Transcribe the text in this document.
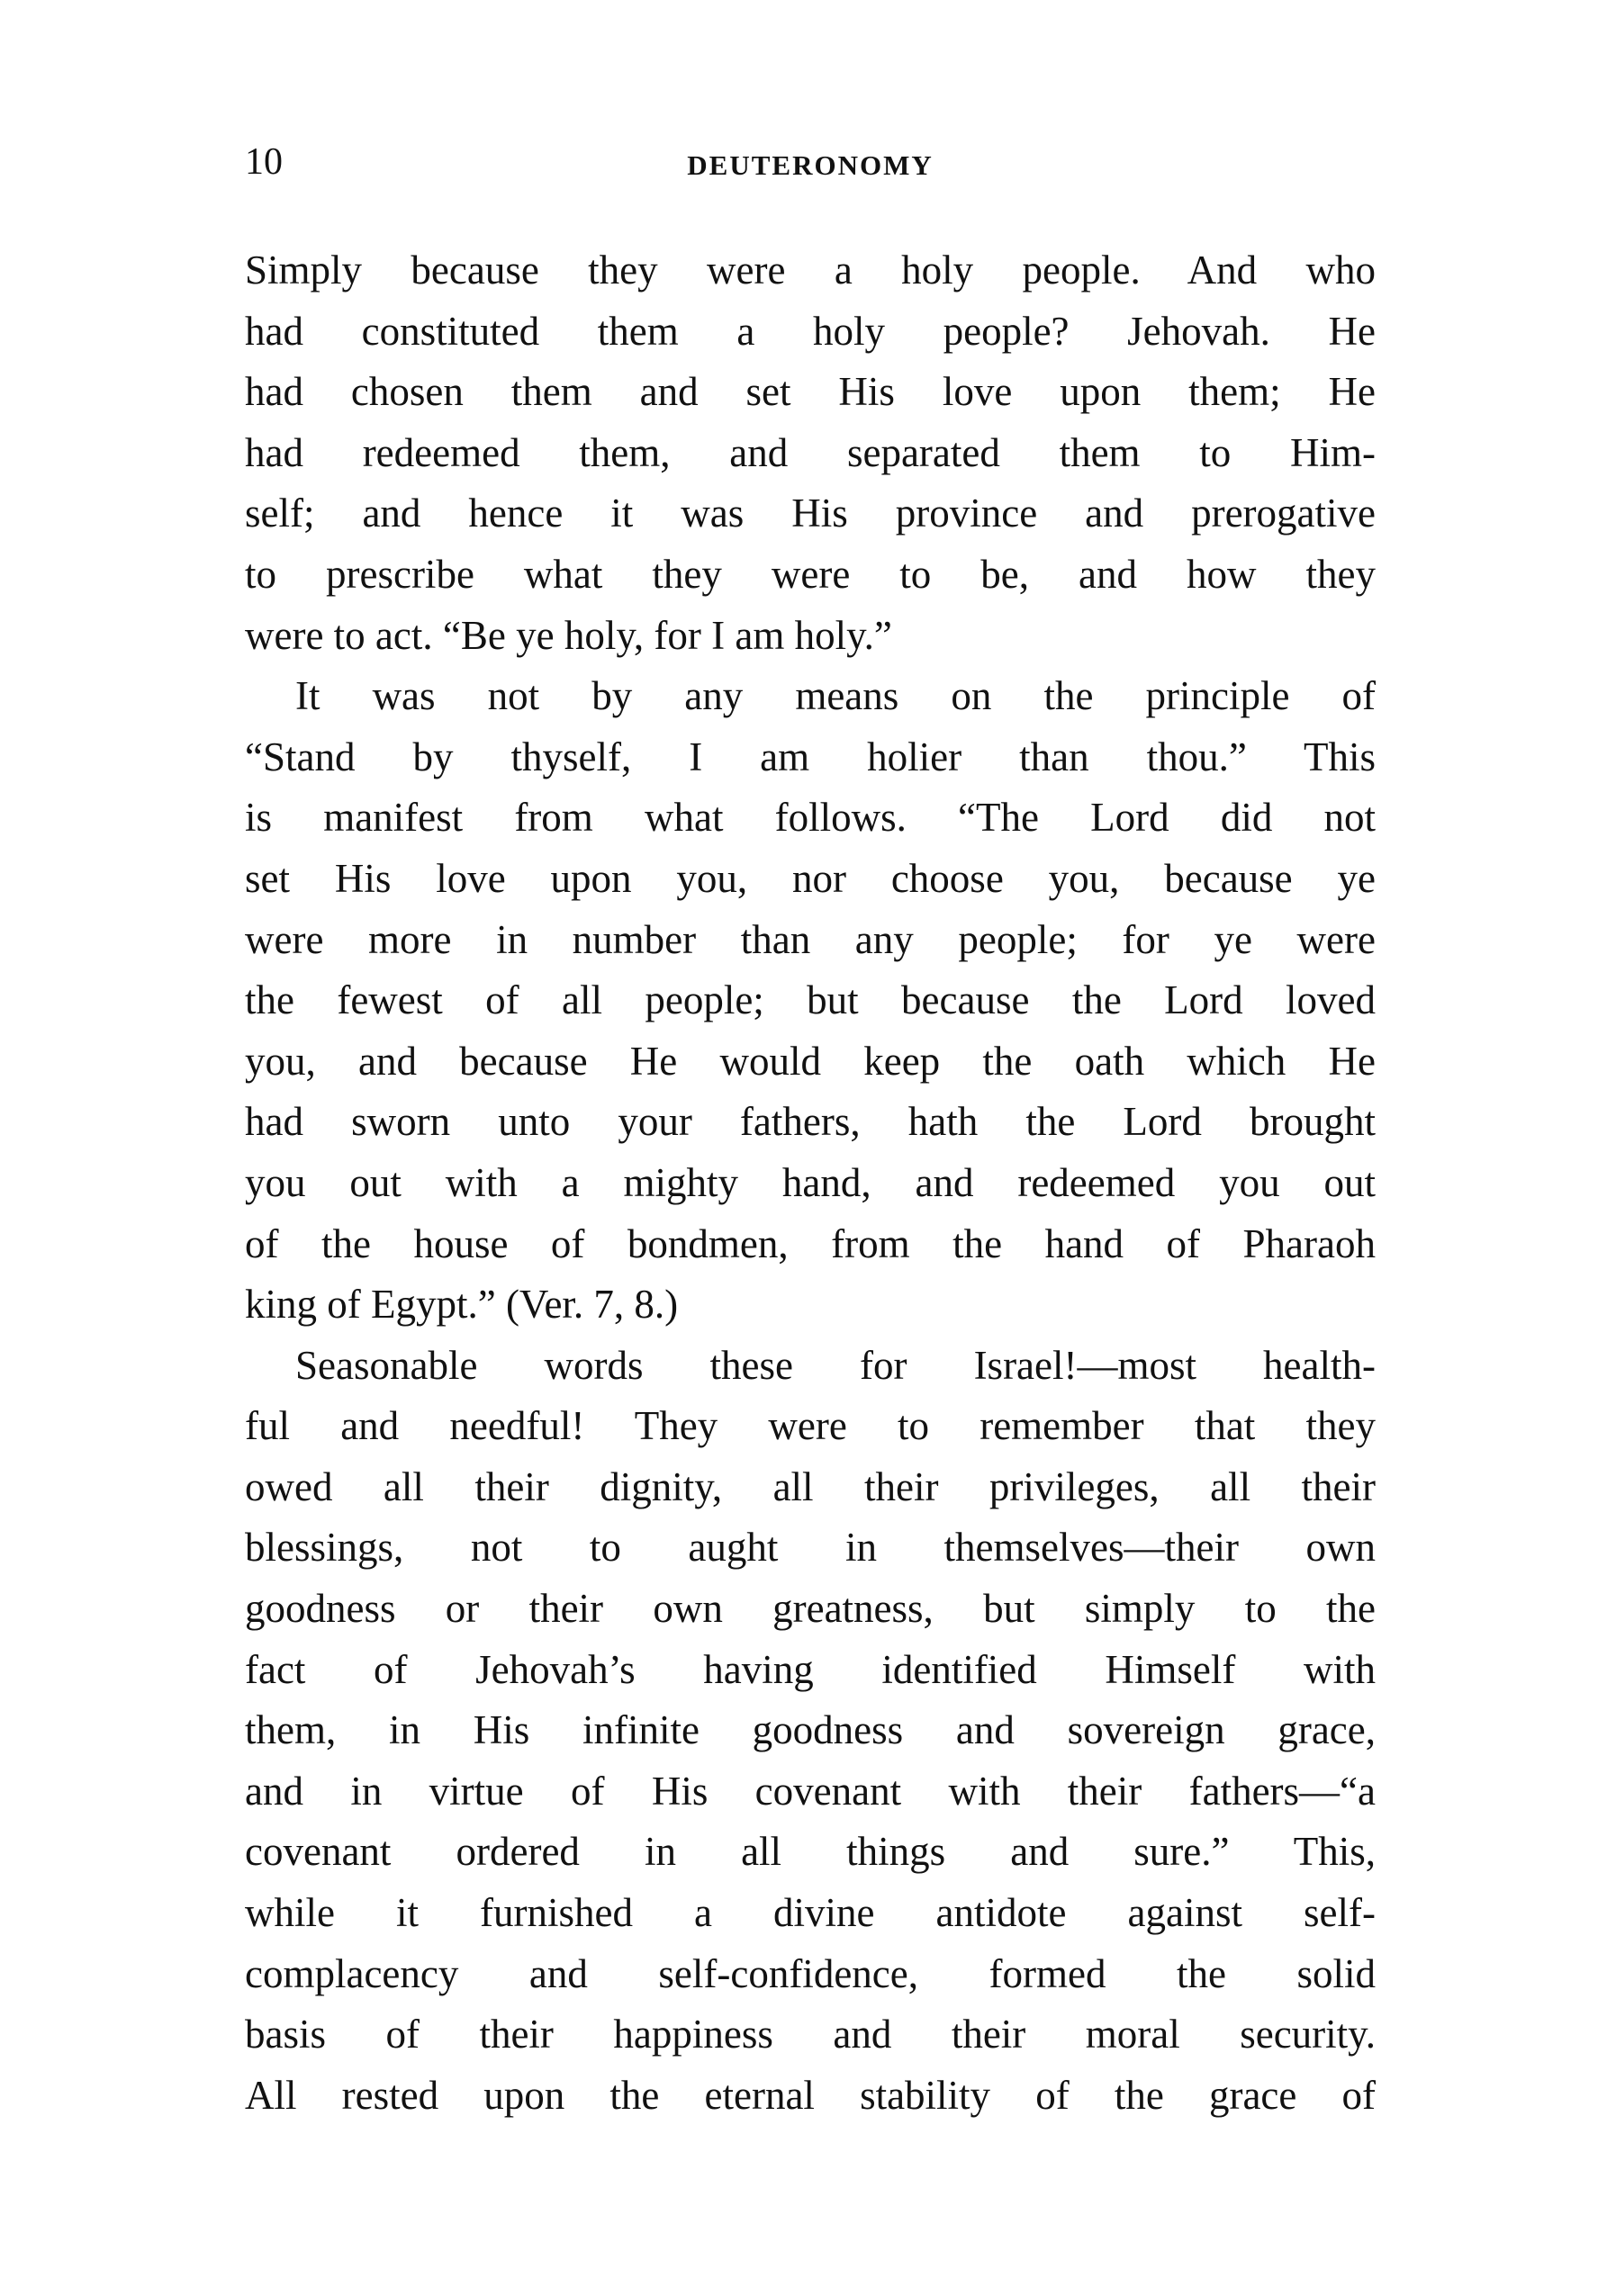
10	DEUTERONOMY

Simply because they were a holy people. And who
had constituted them a holy people? Jehovah. He
had chosen them and set His love upon them; He
had redeemed them, and separated them to Him-
self; and hence it was His province and prerogative
to prescribe what they were to be, and how they
were to act. “Be ye holy, for I am holy.”

It was not by any means on the principle of
“Stand by thyself, I am holier than thou.” This
is manifest from what follows. “The Lord did not
set His love upon you, nor choose you, because ye
were more in number than any people; for ye were
the fewest of all people; but because the Lord loved
you, and because He would keep the oath which He
had sworn unto your fathers, hath the Lord brought
you out with a mighty hand, and redeemed you out
of the house of bondmen, from the hand of Pharaoh
king of Egypt.” (Ver. 7, 8.)

Seasonable words these for Israel!—most health-
ful and needful! They were to remember that they
owed all their dignity, all their privileges, all their
blessings, not to aught in themselves—their own
goodness or their own greatness, but simply to the
fact of Jehovah’s having identified Himself with
them, in His infinite goodness and sovereign grace,
and in virtue of His covenant with their fathers—“a
covenant ordered in all things and sure.” This,
while it furnished a divine antidote against self-
complacency and self-confidence, formed the solid
basis of their happiness and their moral security.
All rested upon the eternal stability of the grace of
